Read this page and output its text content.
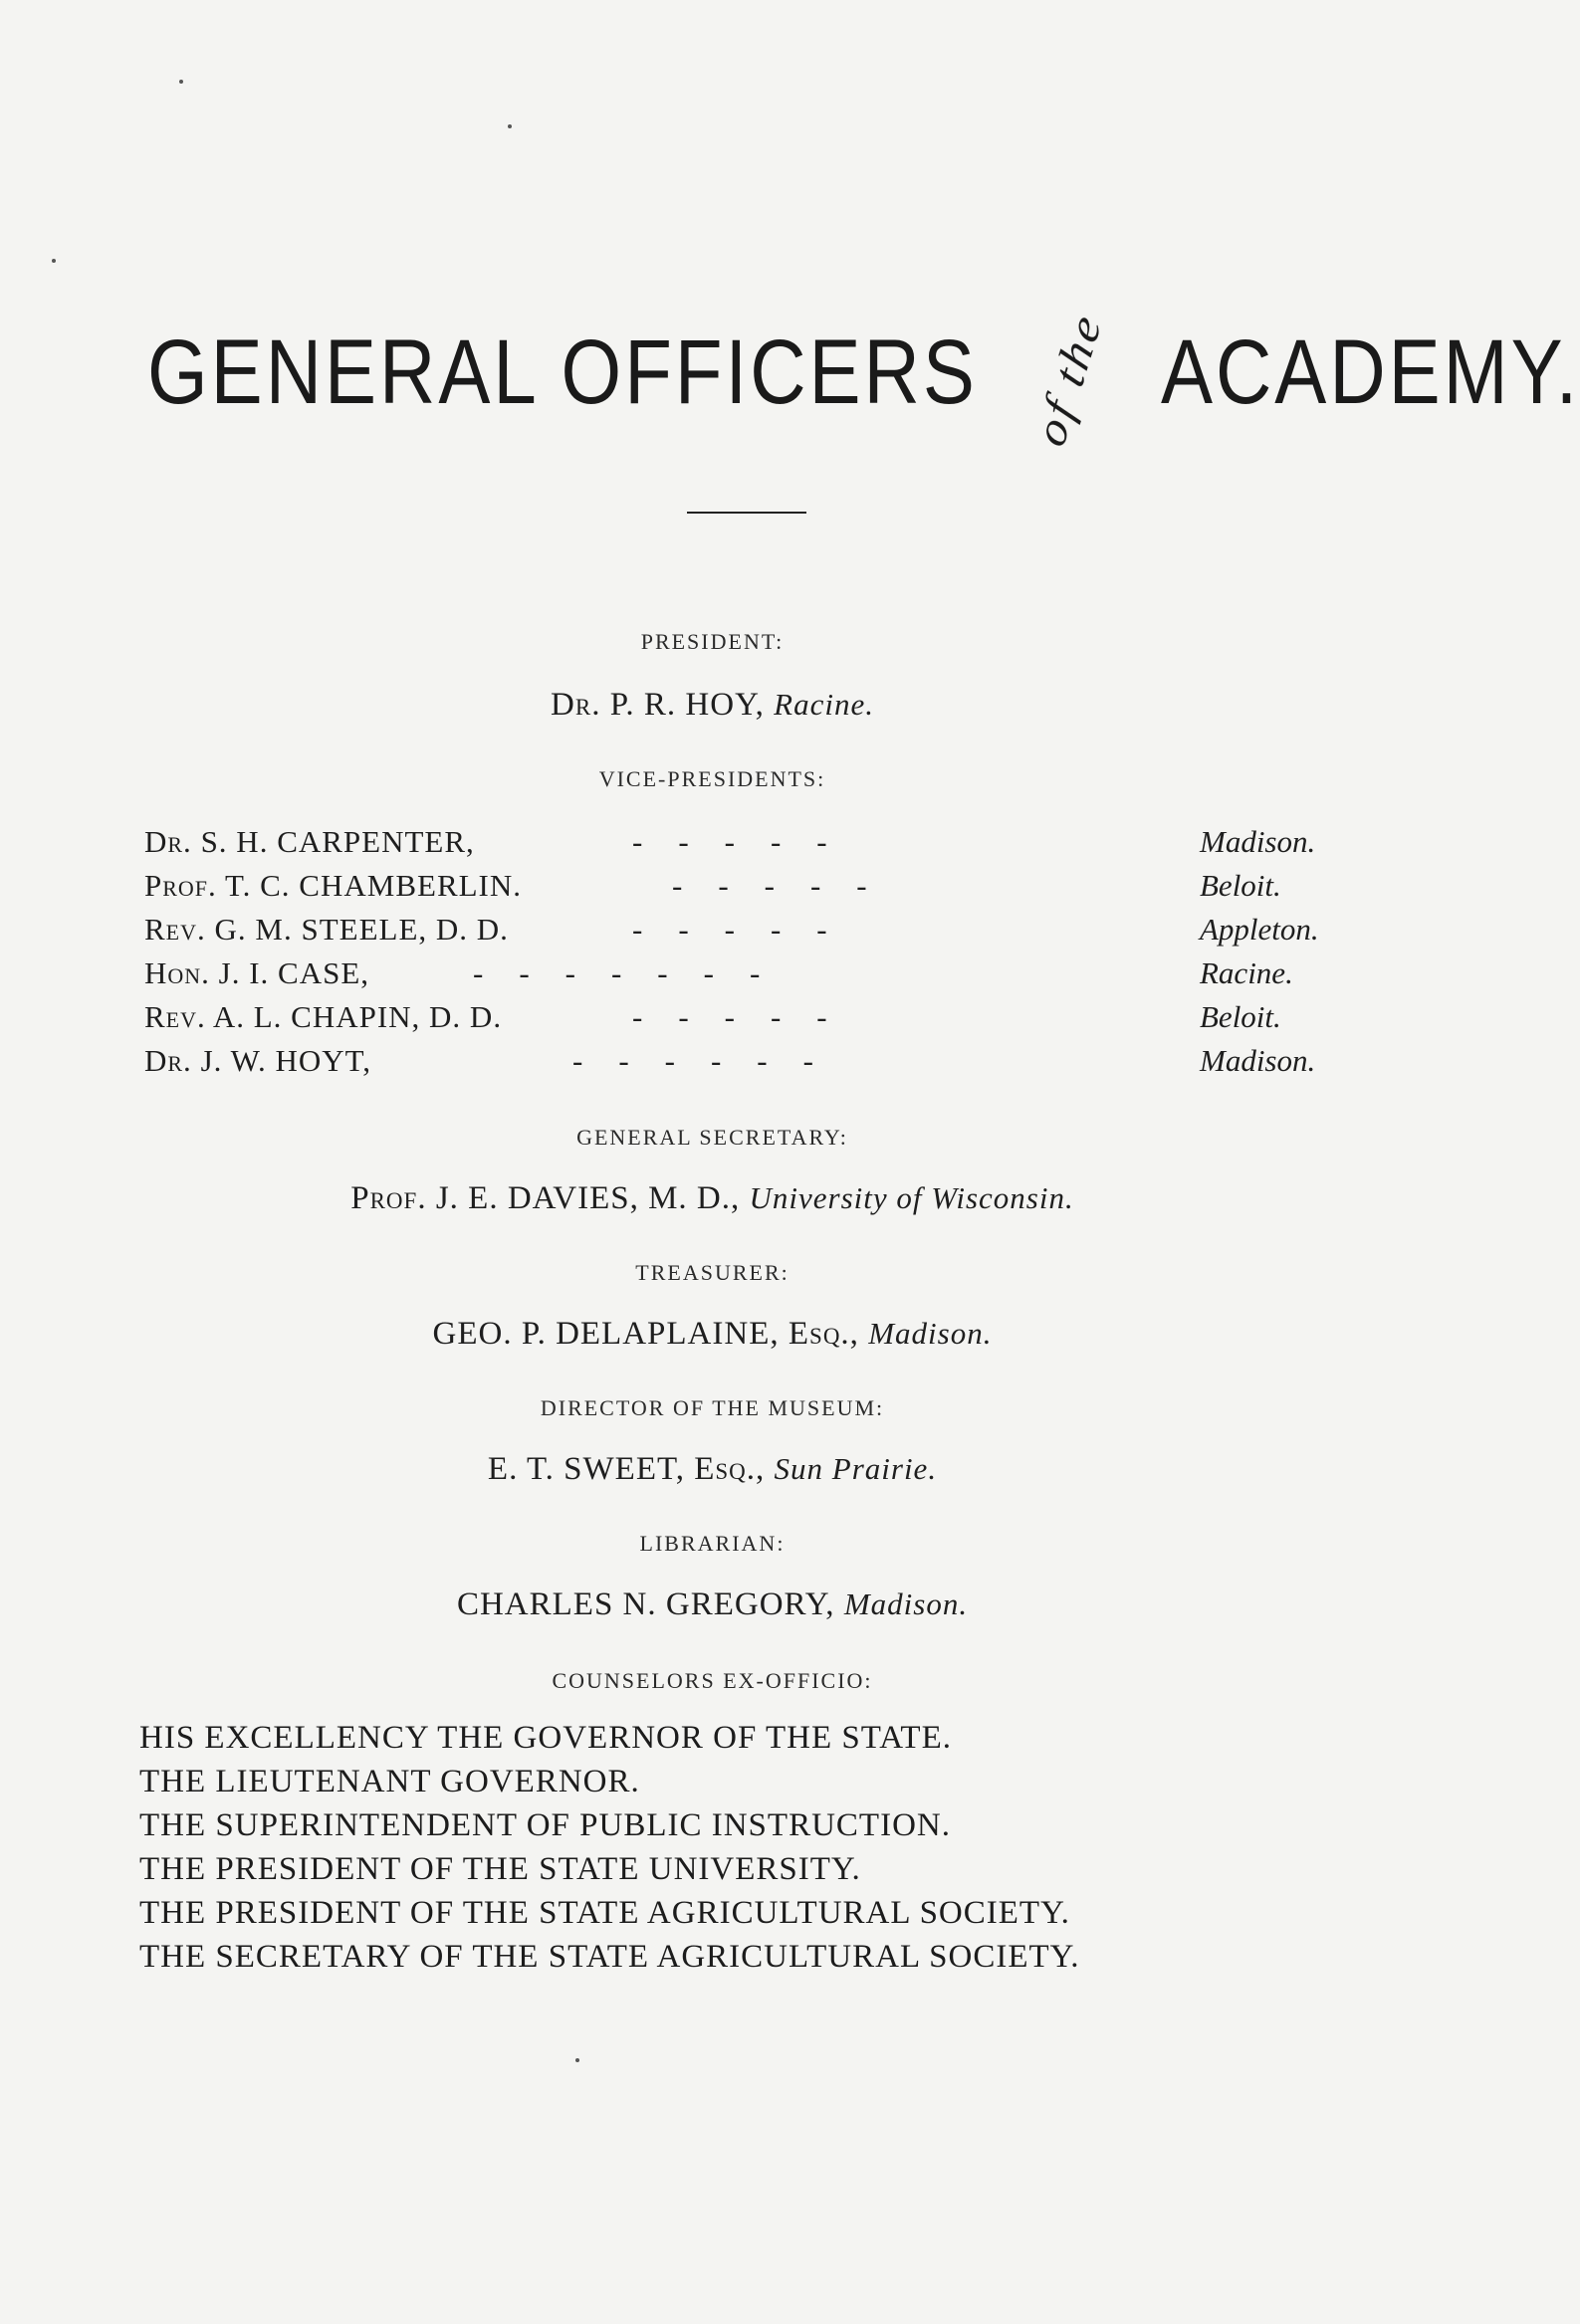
GENERAL OFFICERS of the ACADEMY.
PRESIDENT:
Dr. P. R. HOY, Racine.
VICE-PRESIDENTS:
Dr. S. H. CARPENTER,	-    -    -    -    -	Madison.
Prof. T. C. CHAMBERLIN.	-    -    -    -    -	Beloit.
Rev. G. M. STEELE, D. D.	-    -    -    -    -	Appleton.
Hon. J. I. CASE,	-    -    -    -    -    -    -	Racine.
Rev. A. L. CHAPIN, D. D.	-    -    -    -    -	Beloit.
Dr. J. W. HOYT,	-    -    -    -    -    -	Madison.
GENERAL SECRETARY:
Prof. J. E. DAVIES, M. D., University of Wisconsin.
TREASURER:
GEO. P. DELAPLAINE, Esq., Madison.
DIRECTOR OF THE MUSEUM:
E. T. SWEET, Esq., Sun Prairie.
LIBRARIAN:
CHARLES N. GREGORY, Madison.
COUNSELORS EX-OFFICIO:
HIS EXCELLENCY THE GOVERNOR OF THE STATE.
THE LIEUTENANT GOVERNOR.
THE SUPERINTENDENT OF PUBLIC INSTRUCTION.
THE PRESIDENT OF THE STATE UNIVERSITY.
THE PRESIDENT OF THE STATE AGRICULTURAL SOCIETY.
THE SECRETARY OF THE STATE AGRICULTURAL SOCIETY.
